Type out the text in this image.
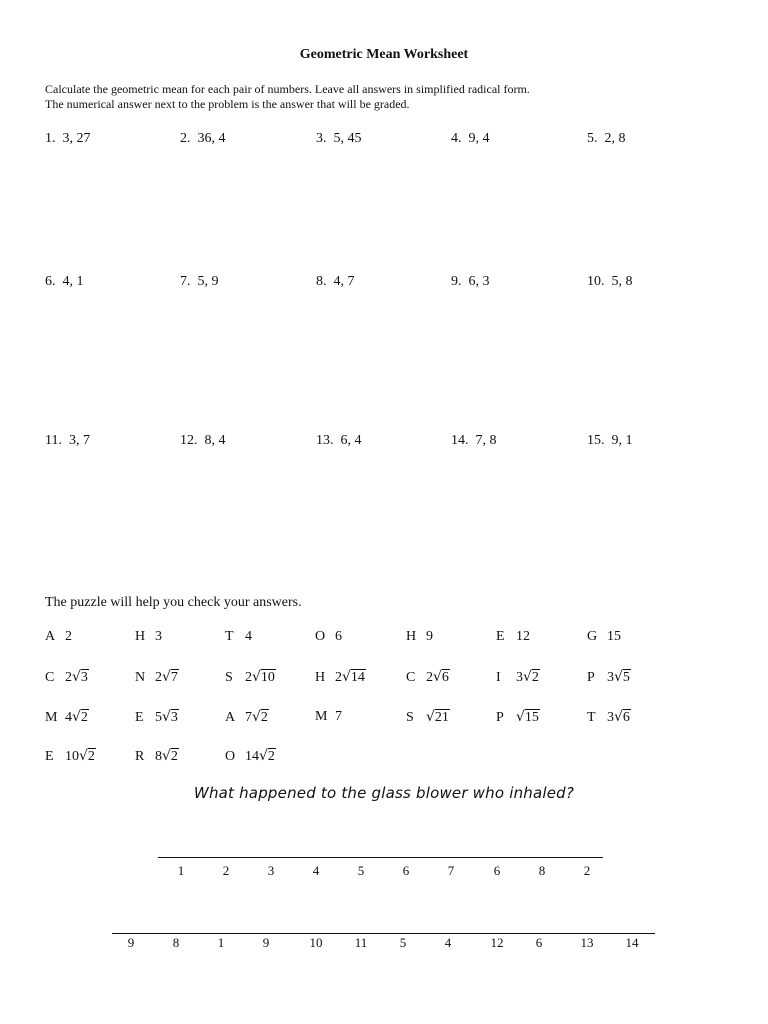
Geometric Mean Worksheet
Calculate the geometric mean for each pair of numbers. Leave all answers in simplified radical form.
The numerical answer next to the problem is the answer that will be graded.
1. 3, 27	2. 36, 4	3. 5, 45	4. 9, 4	5. 2, 8
6. 4, 1	7. 5, 9	8. 4, 7	9. 6, 3	10. 5, 8
11. 3, 7	12. 8, 4	13. 6, 4	14. 7, 8	15. 9, 1
The puzzle will help you check your answers.
A 2	H 3	T 4	O 6	H 9	E 12	G 15
C 2√3	N 2√7	S 2√10	H 2√14	C 2√6	I 3√2	P 3√5
M 4√2	E 5√3	A 7√2	M 7	S √21	P √15	T 3√6
E 10√2	R 8√2	O 14√2
What happened to the glass blower who inhaled?
1	2	3	4	5	6	7	6	8	2
9	8	1	9	10	11	5	4	12	6	13	14
